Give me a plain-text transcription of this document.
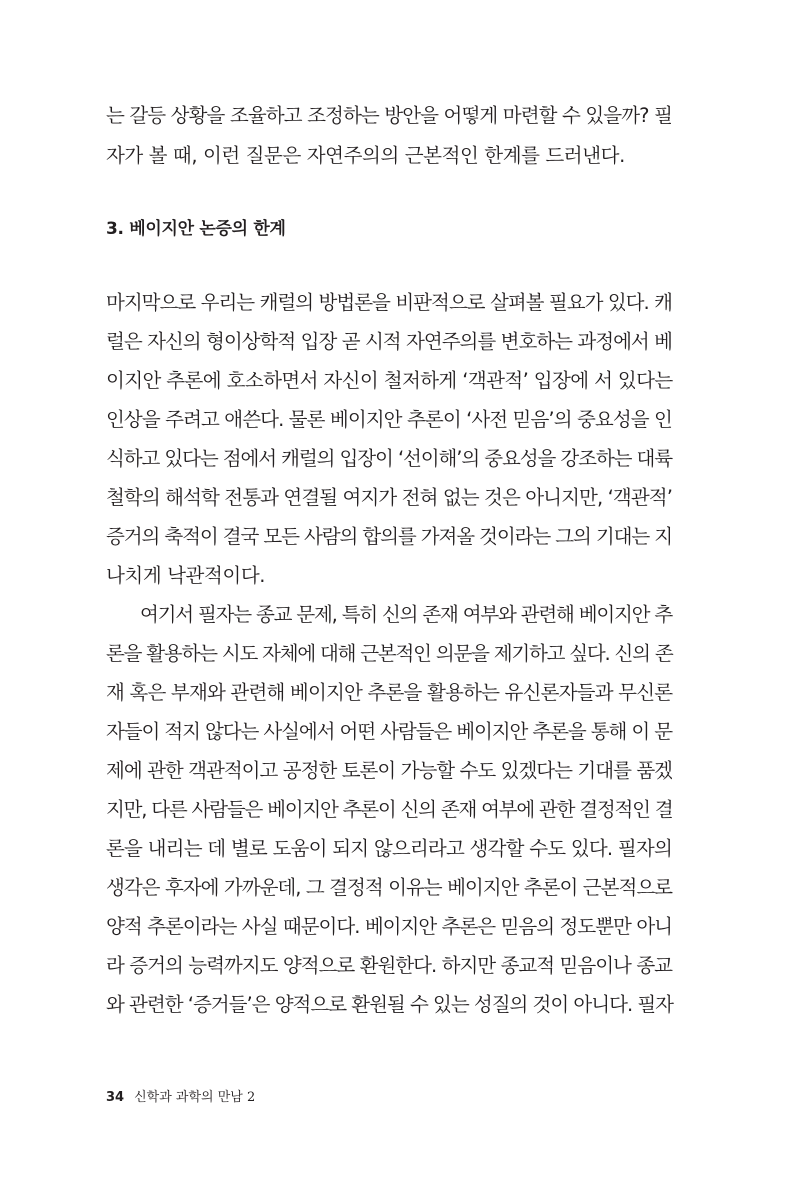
는 갈등 상황을 조율하고 조정하는 방안을 어떻게 마련할 수 있을까? 필
자가 볼 때, 이런 질문은 자연주의의 근본적인 한계를 드러낸다.
3. 베이지안 논증의 한계
마지막으로 우리는 캐럴의 방법론을 비판적으로 살펴볼 필요가 있다. 캐
럴은 자신의 형이상학적 입장 곧 시적 자연주의를 변호하는 과정에서 베
이지안 추론에 호소하면서 자신이 철저하게 ‘객관적’ 입장에 서 있다는
인상을 주려고 애쓴다. 물론 베이지안 추론이 ‘사전 믿음’의 중요성을 인
식하고 있다는 점에서 캐럴의 입장이 ‘선이해’의 중요성을 강조하는 대륙
철학의 해석학 전통과 연결될 여지가 전혀 없는 것은 아니지만, ‘객관적’
증거의 축적이 결국 모든 사람의 합의를 가져올 것이라는 그의 기대는 지
나치게 낙관적이다.
여기서 필자는 종교 문제, 특히 신의 존재 여부와 관련해 베이지안 추
론을 활용하는 시도 자체에 대해 근본적인 의문을 제기하고 싶다. 신의 존
재 혹은 부재와 관련해 베이지안 추론을 활용하는 유신론자들과 무신론
자들이 적지 않다는 사실에서 어떤 사람들은 베이지안 추론을 통해 이 문
제에 관한 객관적이고 공정한 토론이 가능할 수도 있겠다는 기대를 품겠
지만, 다른 사람들은 베이지안 추론이 신의 존재 여부에 관한 결정적인 결
론을 내리는 데 별로 도움이 되지 않으리라고 생각할 수도 있다. 필자의
생각은 후자에 가까운데, 그 결정적 이유는 베이지안 추론이 근본적으로
양적 추론이라는 사실 때문이다. 베이지안 추론은 믿음의 정도뿐만 아니
라 증거의 능력까지도 양적으로 환원한다. 하지만 종교적 믿음이나 종교
와 관련한 ‘증거들’은 양적으로 환원될 수 있는 성질의 것이 아니다. 필자
34 신학과 과학의 만남 2
